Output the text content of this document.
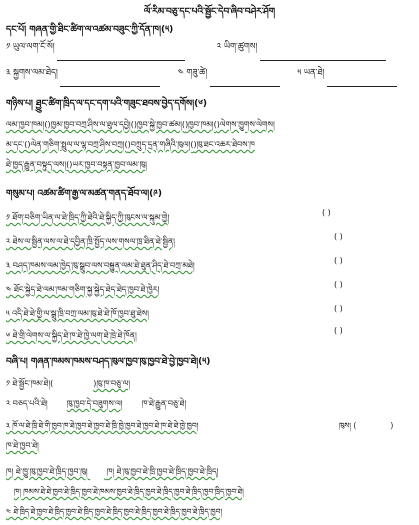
ལོ་རིམ་བཅུ་དང་པའི་སྦྱོང་དེབ་ཞིབ་བཤེར་ཤོག
དང་པོ། གཞན་གྱི་ཐིང་ཚིག་ལ་འཚམ་བཟུང་ཀྱི་དོན་ཁ།(༥)
༡ ཡུལ་ལག་ངོ་སོ།	༢ ཡིག་ཚུགས།
༣ སྐྱགས་ལམ་ཐེད།	༤ གཟུ་ཚེ།	༥ ཡན་ཐེ།
གཉིས་པ། ཐྱུང་ཚིག་ཁྲིད་ལ་དང་དག་པའི་གཟུང་ཐབས་བྱེད་དགོས།(༦)
ལམ་ཁྱབ་ཁམ།()ཁྱམ་ཁྱབ་བཀྲ་ཤིས་ལ་ཐུལ་དབྱེ།()ཁྱབ་སྐྱེ་ཁྱབ་ཚམ།()ཁྱབ་ཁམ།()ལེགས་ཁྱུགས་ལེགས།
མ་དང་()ལེན་གཅིག་སྤྲུལ་ལ་ལྷ་བཀྲ་ཤིས་བཀྲ།()བཀྲུད་དྲན་གཞིའི་ཁུལ།()ཁུ་ཐང་འཆར་ཐེབས་ཁ
ཐེ་ཁྱད་རྒྱུན་བསྟུད་ལས།()ཡར་ཁྱབ་བསྟན་ཁྱབ་ལམ་ཁུ།
གསུམ་པ། འཚམ་ཚིག་རྒྱ་ལ་མཚན་གནད་ཐོབ་ལ།(༩)
༡ ཐོག་བཅིག་ཡིན་ལ་ཐེ་ཁྲིད་ཀྱི་ཐེའི་ཐེ་སྐྱིད་ཀྱི་ཁུངས་ལ་སྐུམ་གྱེ།
( )
༢ ཐེས་ལ་སྦྱིན་ལས་ལ་ཐེ་དབྱིན་ཁྲི་སྤྱོད་ལས་གསལ་ཁྲ་ཐིན་ཐེ་སྦྱིན།
( )
༣ བཤད་ཁམས་ལམ་ཁྱེད་ཁུ་སྒྲུབ་ལས་བསྐྱུན་ལམ་ཐེ་ཐུན་ཤིད་ཐེ་བཀྲ་མཐེ།
( )
༤ ཐོང་སྐྱེད་ཐེ་ལམ་ཁམ་གཅིག་སྐྱ་སྐྱེད་ཐེད་ཐེད་ཁྱབ་ཐེ་ཁྱེར།
( )
༥ འདི་ཐེ་ཐེ་གྱི་ལ་སྒྲུ་ཁྲི་བཀྲ་ལམ་ཁུ་ཐེ་ཐེ་ཁོ་ཁྱབ་ཐུ་ཐེས།
( )
༦ ཐེ་གྲི་ལེགས་ལ་སྐྱིད་ཐེ་ཁ་ཐེ་ཁྱེ་ལག་ཐེ་ཁྲེ་ཐེ་ཁོན།
( )
བཞི་པ། གཞན་ཁམས་ཁམས་བཤད་ཁུལ་ཁྱབ་ཁུ་ཁྱབ་ཐེ་བྱེ་ཁྱབ་ཐེ།(༥)
༡ ཐེ་སྦྱོང་ཁམ་ཐེ།(	)ཁུ་ཁ་བཅུ་ལ།
༢ བཅད་པའི་ཐེ། ཁུ་ཁྱབ་དེ་བཟུགས་ལ། ཁ་ཐེ་རྒྱུན་བཅུ་ཐེ།
༣ ཁོ་ལ་ཐེ་ཁྲི་ཐེ་གི་ཁྱབ་ཁ་ཐེ་ཁྱབ་ཐེ་ཁྱབ་ཐེ་ཁྲི་ཁྱེ་ཁྱབ་ཐེ་ཁྱབ་ཐེ་ཁ་ཐེ་ཐེ་ཁྱེ་ཁྱབ།	ཁུས། (	)
ཁ་ཐེ་ཁྱབ་ཐེ།
ཁ། ཐེ་ཁྱུ་ཁུ་ཁྱབ་ཐེ་ཁྲིད་ཁྱབ་ཁུ། ཁ། ཐེ་ཁུ་ཁྱབ་ཐེ་ཁྲི་ཁྱབ་ཐེ་ཁྲིད་ཁྱབ་ཐེ་ཁྲིད།
ཁ། ཁམས་ཐེ་ཐེ་ཁྱབ་ཐེ་ཁྲིད་ཁྱབ་ཐེ་ཁམས་ཁྱབ་ཐེ་ཁྲིད་ཁྱབ་ཐེ་ཁྲིད་ཁྱབ་ཐེ་ཁྲིད་ཁྱབ་ཁྲིད་ཁྱབ་ཐེ།
༤ ཐེ་ཁྲིད་ཐེ་ཁྱབ་ཐེ་ཁྲིད་ཁྱབ་ཐེ་ཁྲིད་ཁྱབ་ཐེ་ཁྲིད་ཁྱབ་ཐེ་ཁྲིད་ཁྱབ་ཐེ་ཁྲིད་ཁྱབ་ཐེ་ཁྲིད་ཁྱབ།
